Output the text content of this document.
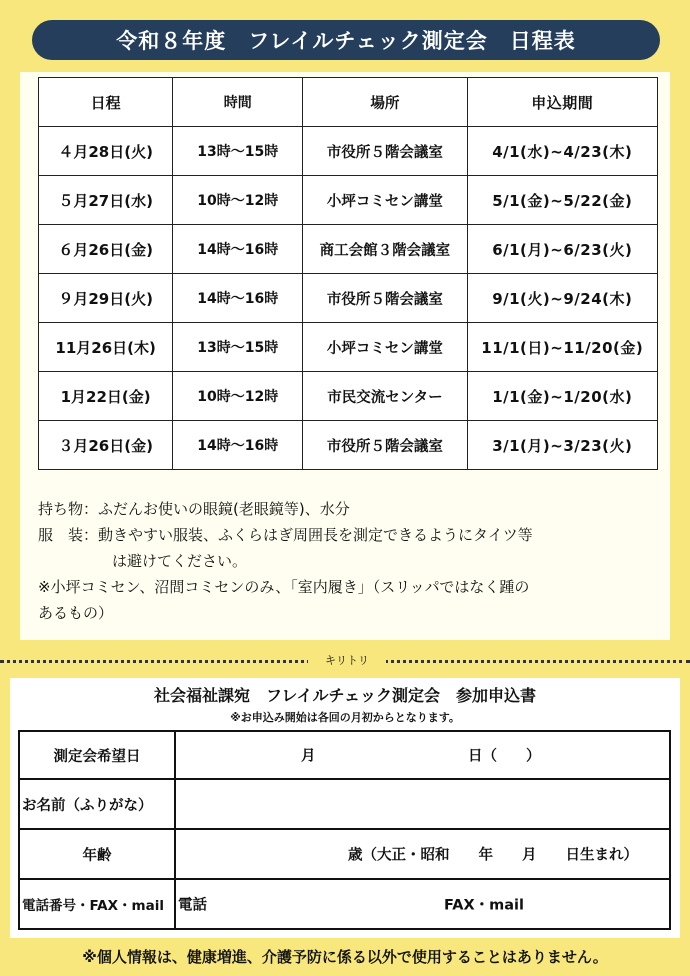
令和８年度　フレイルチェック測定会　日程表
日程	時間	場所	申込期間
４月28日(火)	13時～15時	市役所５階会議室	4/1(水)~4/23(木)
５月27日(水)	10時～12時	小坪コミセン講堂	5/1(金)~5/22(金)
６月26日(金)	14時～16時	商工会館３階会議室	6/1(月)~6/23(火)
９月29日(火)	14時～16時	市役所５階会議室	9/1(火)~9/24(木)
11月26日(木)	13時～15時	小坪コミセン講堂	11/1(日)~11/20(金)
1月22日(金)	10時～12時	市民交流センター	1/1(金)~1/20(水)
３月26日(金)	14時～16時	市役所５階会議室	3/1(月)~3/23(火)
持ち物：ふだんお使いの眼鏡(老眼鏡等)、水分
服　装：動きやすい服装、ふくらはぎ周囲長を測定できるようにタイツ等
は避けてください。
※小坪コミセン、沼間コミセンのみ、「室内履き」（スリッパではなく踵の
あるもの）
キリトリ
社会福祉課宛　フレイルチェック測定会　参加申込書
※お申込み開始は各回の月初からとなります。
測定会希望日	月 日（　　）

お名前（ふりがな）	
年齢	歳（大正・昭和　　年　　月　　日生まれ）

電話番号・FAX・mail	電話 FAX・mail
※個人情報は、健康増進、介護予防に係る以外で使用することはありません。
